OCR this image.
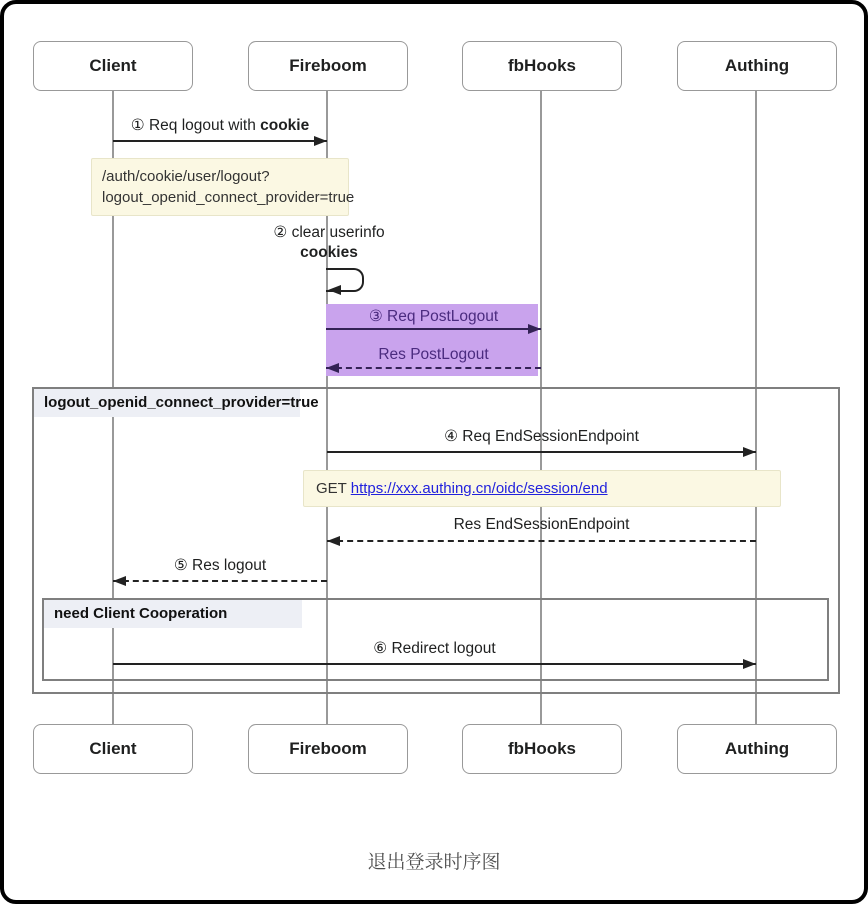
Client	Fireboom	fbHooks	Authing
① Req logout with cookie
/auth/cookie/user/logout?
logout_openid_connect_provider=true
② clear userinfo
cookies
③ Req PostLogout
Res PostLogout
logout_openid_connect_provider=true
④ Req EndSessionEndpoint
GET https://xxx.authing.cn/oidc/session/end
Res EndSessionEndpoint
⑤ Res logout
need Client Cooperation
⑥ Redirect logout
Client	Fireboom	fbHooks	Authing
退出登录时序图
